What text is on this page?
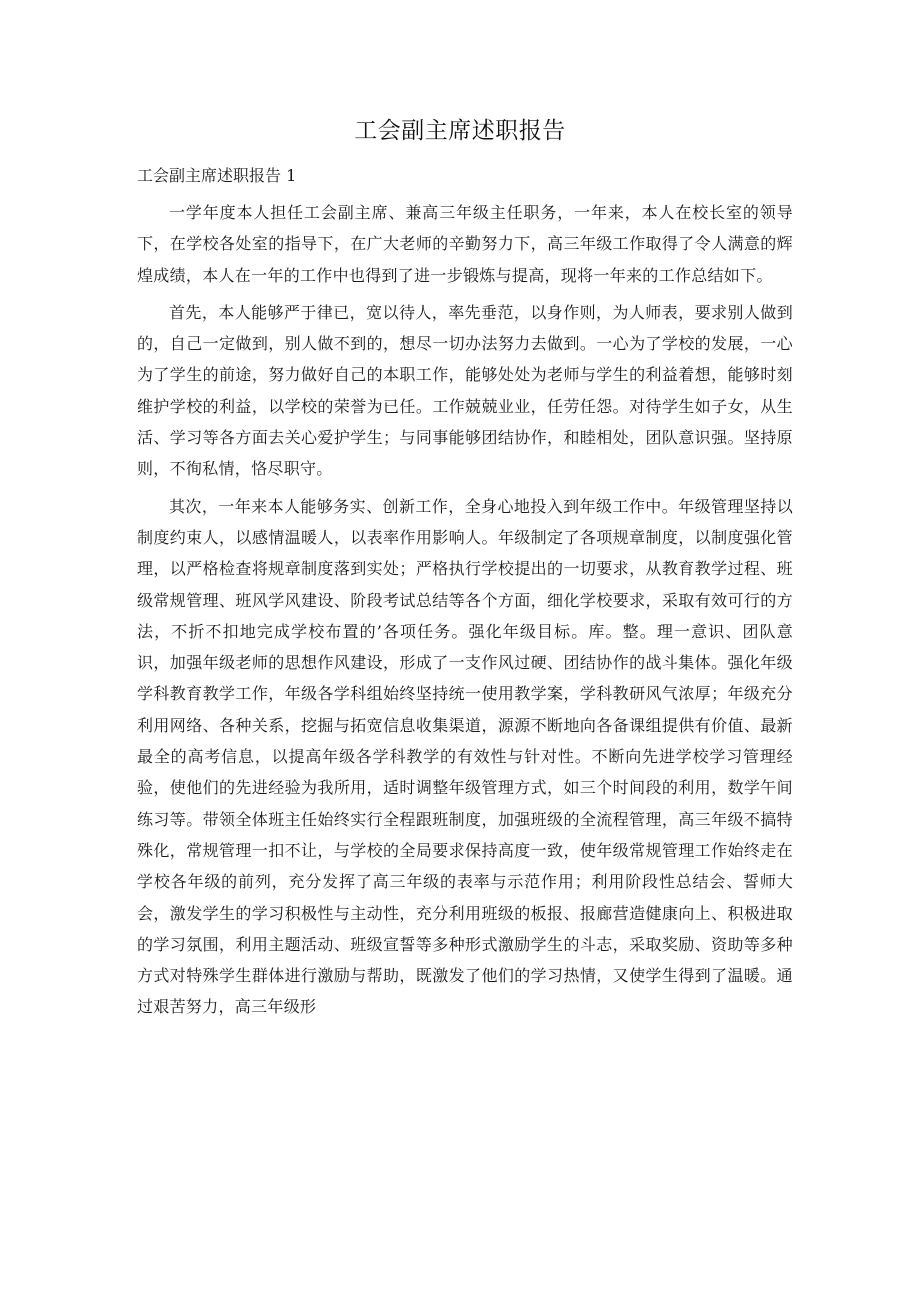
工会副主席述职报告

工会副主席述职报告 1

一学年度本人担任工会副主席、兼高三年级主任职务，一年来，本人在校长室的领导下，在学校各处室的指导下，在广大老师的辛勤努力下，高三年级工作取得了令人满意的辉煌成绩，本人在一年的工作中也得到了进一步锻炼与提高，现将一年来的工作总结如下。

首先，本人能够严于律已，宽以待人，率先垂范，以身作则，为人师表，要求别人做到的，自己一定做到，别人做不到的，想尽一切办法努力去做到。一心为了学校的发展，一心为了学生的前途，努力做好自己的本职工作，能够处处为老师与学生的利益着想，能够时刻维护学校的利益，以学校的荣誉为已任。工作兢兢业业，任劳任怨。对待学生如子女，从生活、学习等各方面去关心爱护学生；与同事能够团结协作，和睦相处，团队意识强。坚持原则，不徇私情，恪尽职守。

其次，一年来本人能够务实、创新工作，全身心地投入到年级工作中。年级管理坚持以制度约束人，以感情温暖人，以表率作用影响人。年级制定了各项规章制度，以制度强化管理，以严格检查将规章制度落到实处；严格执行学校提出的一切要求，从教育教学过程、班级常规管理、班风学风建设、阶段考试总结等各个方面，细化学校要求，采取有效可行的方法，不折不扣地完成学校布置的’各项任务。强化年级目标。库。整。理一意识、团队意识，加强年级老师的思想作风建设，形成了一支作风过硬、团结协作的战斗集体。强化年级学科教育教学工作，年级各学科组始终坚持统一使用教学案，学科教研风气浓厚；年级充分利用网络、各种关系，挖掘与拓宽信息收集渠道，源源不断地向各备课组提供有价值、最新最全的高考信息，以提高年级各学科教学的有效性与针对性。不断向先进学校学习管理经验，使他们的先进经验为我所用，适时调整年级管理方式，如三个时间段的利用，数学午间练习等。带领全体班主任始终实行全程跟班制度，加强班级的全流程管理，高三年级不搞特殊化，常规管理一扣不让，与学校的全局要求保持高度一致，使年级常规管理工作始终走在学校各年级的前列，充分发挥了高三年级的表率与示范作用；利用阶段性总结会、誓师大会，激发学生的学习积极性与主动性，充分利用班级的板报、报廊营造健康向上、积极进取的学习氛围，利用主题活动、班级宣誓等多种形式激励学生的斗志，采取奖励、资助等多种方式对特殊学生群体进行激励与帮助，既激发了他们的学习热情，又使学生得到了温暖。通过艰苦努力，高三年级形
